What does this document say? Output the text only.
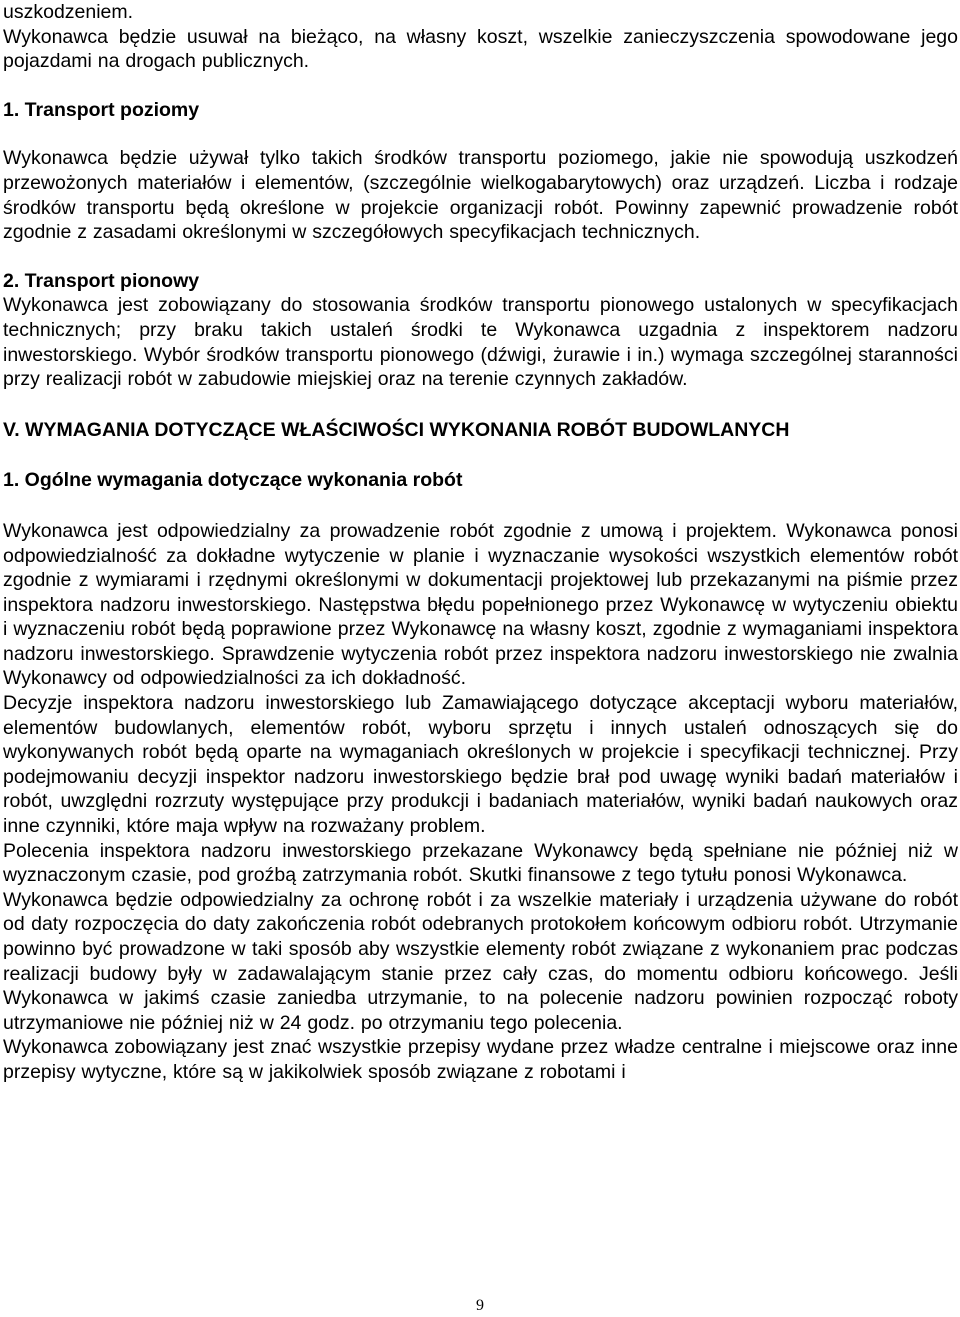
uszkodzeniem.

Wykonawca będzie usuwał na bieżąco, na własny koszt, wszelkie zanieczyszczenia spowodowane jego pojazdami na drogach publicznych.

1. Transport poziomy

Wykonawca będzie używał tylko takich środków transportu poziomego, jakie nie spowodują uszkodzeń przewożonych materiałów i elementów, (szczególnie wielkogabarytowych) oraz urządzeń. Liczba i rodzaje środków transportu będą określone w projekcie organizacji robót. Powinny zapewnić prowadzenie robót zgodnie z zasadami określonymi w szczegółowych specyfikacjach technicznych.

2. Transport pionowy

Wykonawca jest zobowiązany do stosowania środków transportu pionowego ustalonych w specyfikacjach technicznych; przy braku takich ustaleń środki te Wykonawca uzgadnia z inspektorem nadzoru inwestorskiego. Wybór środków transportu pionowego (dźwigi, żurawie i in.) wymaga szczególnej staranności przy realizacji robót w zabudowie miejskiej oraz na terenie czynnych zakładów.

V. WYMAGANIA DOTYCZĄCE WŁAŚCIWOŚCI WYKONANIA ROBÓT BUDOWLANYCH

1. Ogólne wymagania dotyczące wykonania robót

Wykonawca jest odpowiedzialny za prowadzenie robót zgodnie z umową i projektem. Wykonawca ponosi odpowiedzialność za dokładne wytyczenie w planie i wyznaczanie wysokości wszystkich elementów robót zgodnie z wymiarami i rzędnymi określonymi w dokumentacji projektowej lub przekazanymi na piśmie przez inspektora nadzoru inwestorskiego. Następstwa błędu popełnionego przez Wykonawcę w wytyczeniu obiektu i wyznaczeniu robót będą poprawione przez Wykonawcę na własny koszt, zgodnie z wymaganiami inspektora nadzoru inwestorskiego. Sprawdzenie wytyczenia robót przez inspektora nadzoru inwestorskiego nie zwalnia Wykonawcy od odpowiedzialności za ich dokładność.

Decyzje inspektora nadzoru inwestorskiego lub Zamawiającego dotyczące akceptacji wyboru materiałów, elementów budowlanych, elementów robót, wyboru sprzętu i innych ustaleń odnoszących się do wykonywanych robót będą oparte na wymaganiach określonych w projekcie i specyfikacji technicznej. Przy podejmowaniu decyzji inspektor nadzoru inwestorskiego będzie brał pod uwagę wyniki badań materiałów i robót, uwzględni rozrzuty występujące przy produkcji i badaniach materiałów, wyniki badań naukowych oraz inne czynniki, które maja wpływ na rozważany problem.

Polecenia inspektora nadzoru inwestorskiego przekazane Wykonawcy będą spełniane nie później niż w wyznaczonym czasie, pod groźbą zatrzymania robót. Skutki finansowe z tego tytułu ponosi Wykonawca.

Wykonawca będzie odpowiedzialny za ochronę robót i za wszelkie materiały i urządzenia używane do robót od daty rozpoczęcia do daty zakończenia robót odebranych protokołem końcowym odbioru robót. Utrzymanie powinno być prowadzone w taki sposób aby wszystkie elementy robót związane z wykonaniem prac podczas realizacji budowy były w zadawalającym stanie przez cały czas, do momentu odbioru końcowego. Jeśli Wykonawca w jakimś czasie zaniedba utrzymanie, to na polecenie nadzoru powinien rozpocząć roboty utrzymaniowe nie później niż w 24 godz. po otrzymaniu tego polecenia.

Wykonawca zobowiązany jest znać wszystkie przepisy wydane przez władze centralne i miejscowe oraz inne przepisy wytyczne, które są w jakikolwiek sposób związane z robotami i

9
